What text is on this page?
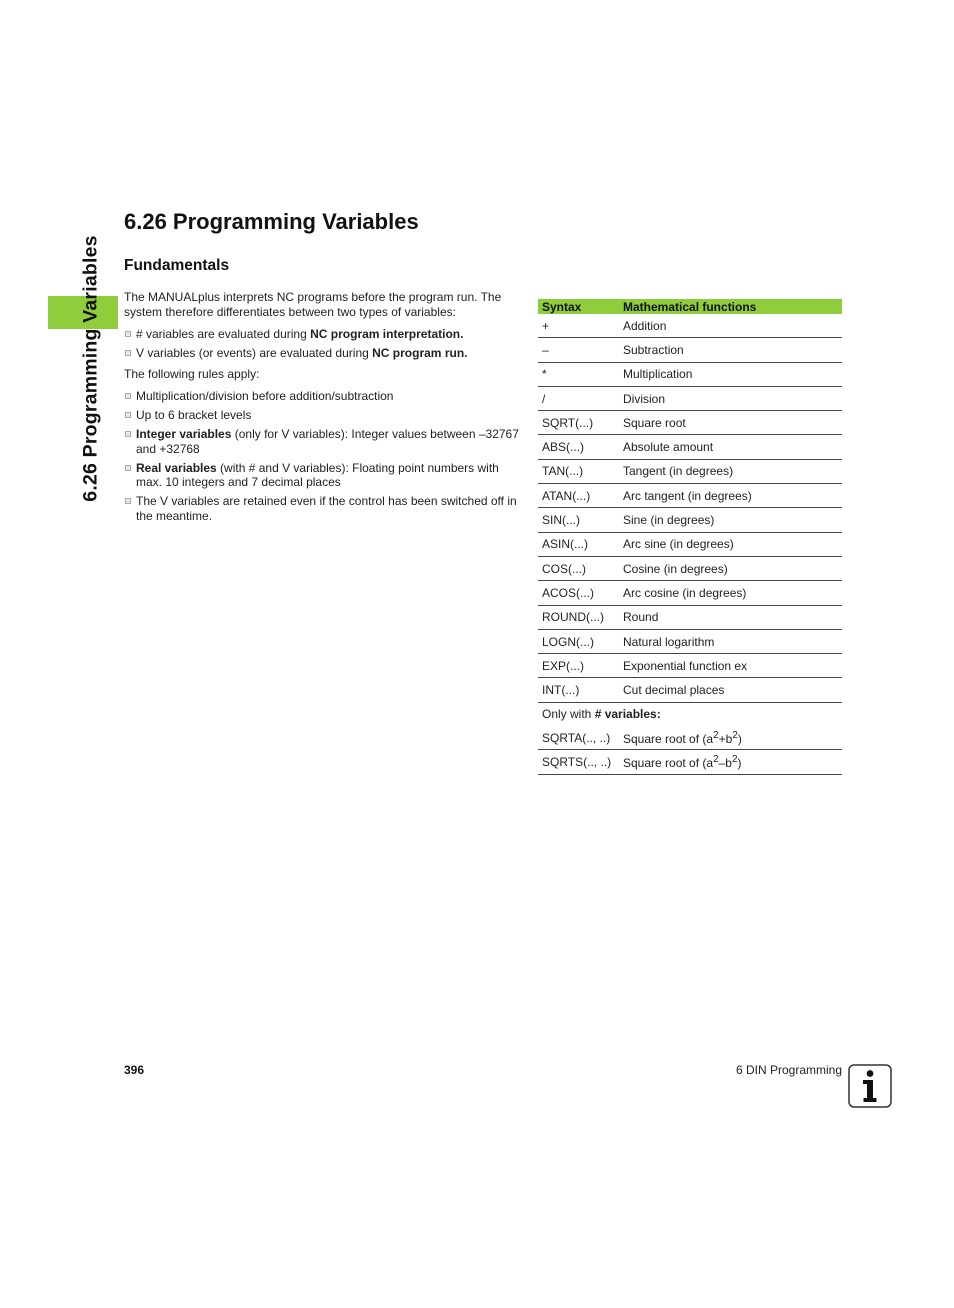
6.26 Programming Variables
6.26 Programming Variables
Fundamentals

The MANUALplus interprets NC programs before the program run. The system therefore differentiates between two types of variables:

# variables are evaluated during NC program interpretation.
V variables (or events) are evaluated during NC program run.

The following rules apply:

Multiplication/division before addition/subtraction
Up to 6 bracket levels
Integer variables (only for V variables): Integer values between –32767 and +32768
Real variables (with # and V variables): Floating point numbers with max. 10 integers and 7 decimal places
The V variables are retained even if the control has been switched off in the meantime.
Syntax	Mathematical functions
+	Addition
–	Subtraction
*	Multiplication
/	Division
SQRT(...)	Square root
ABS(...)	Absolute amount
TAN(...)	Tangent (in degrees)
ATAN(...)	Arc tangent (in degrees)
SIN(...)	Sine (in degrees)
ASIN(...)	Arc sine (in degrees)
COS(...)	Cosine (in degrees)
ACOS(...)	Arc cosine (in degrees)
ROUND(...)	Round
LOGN(...)	Natural logarithm
EXP(...)	Exponential function ex
INT(...)	Cut decimal places
Only with # variables:	
SQRTA(.., ..)	Square root of $(a^2+b^2)$
SQRTS(.., ..)	Square root of $(a^2-b^2)$
396	6 DIN Programming
